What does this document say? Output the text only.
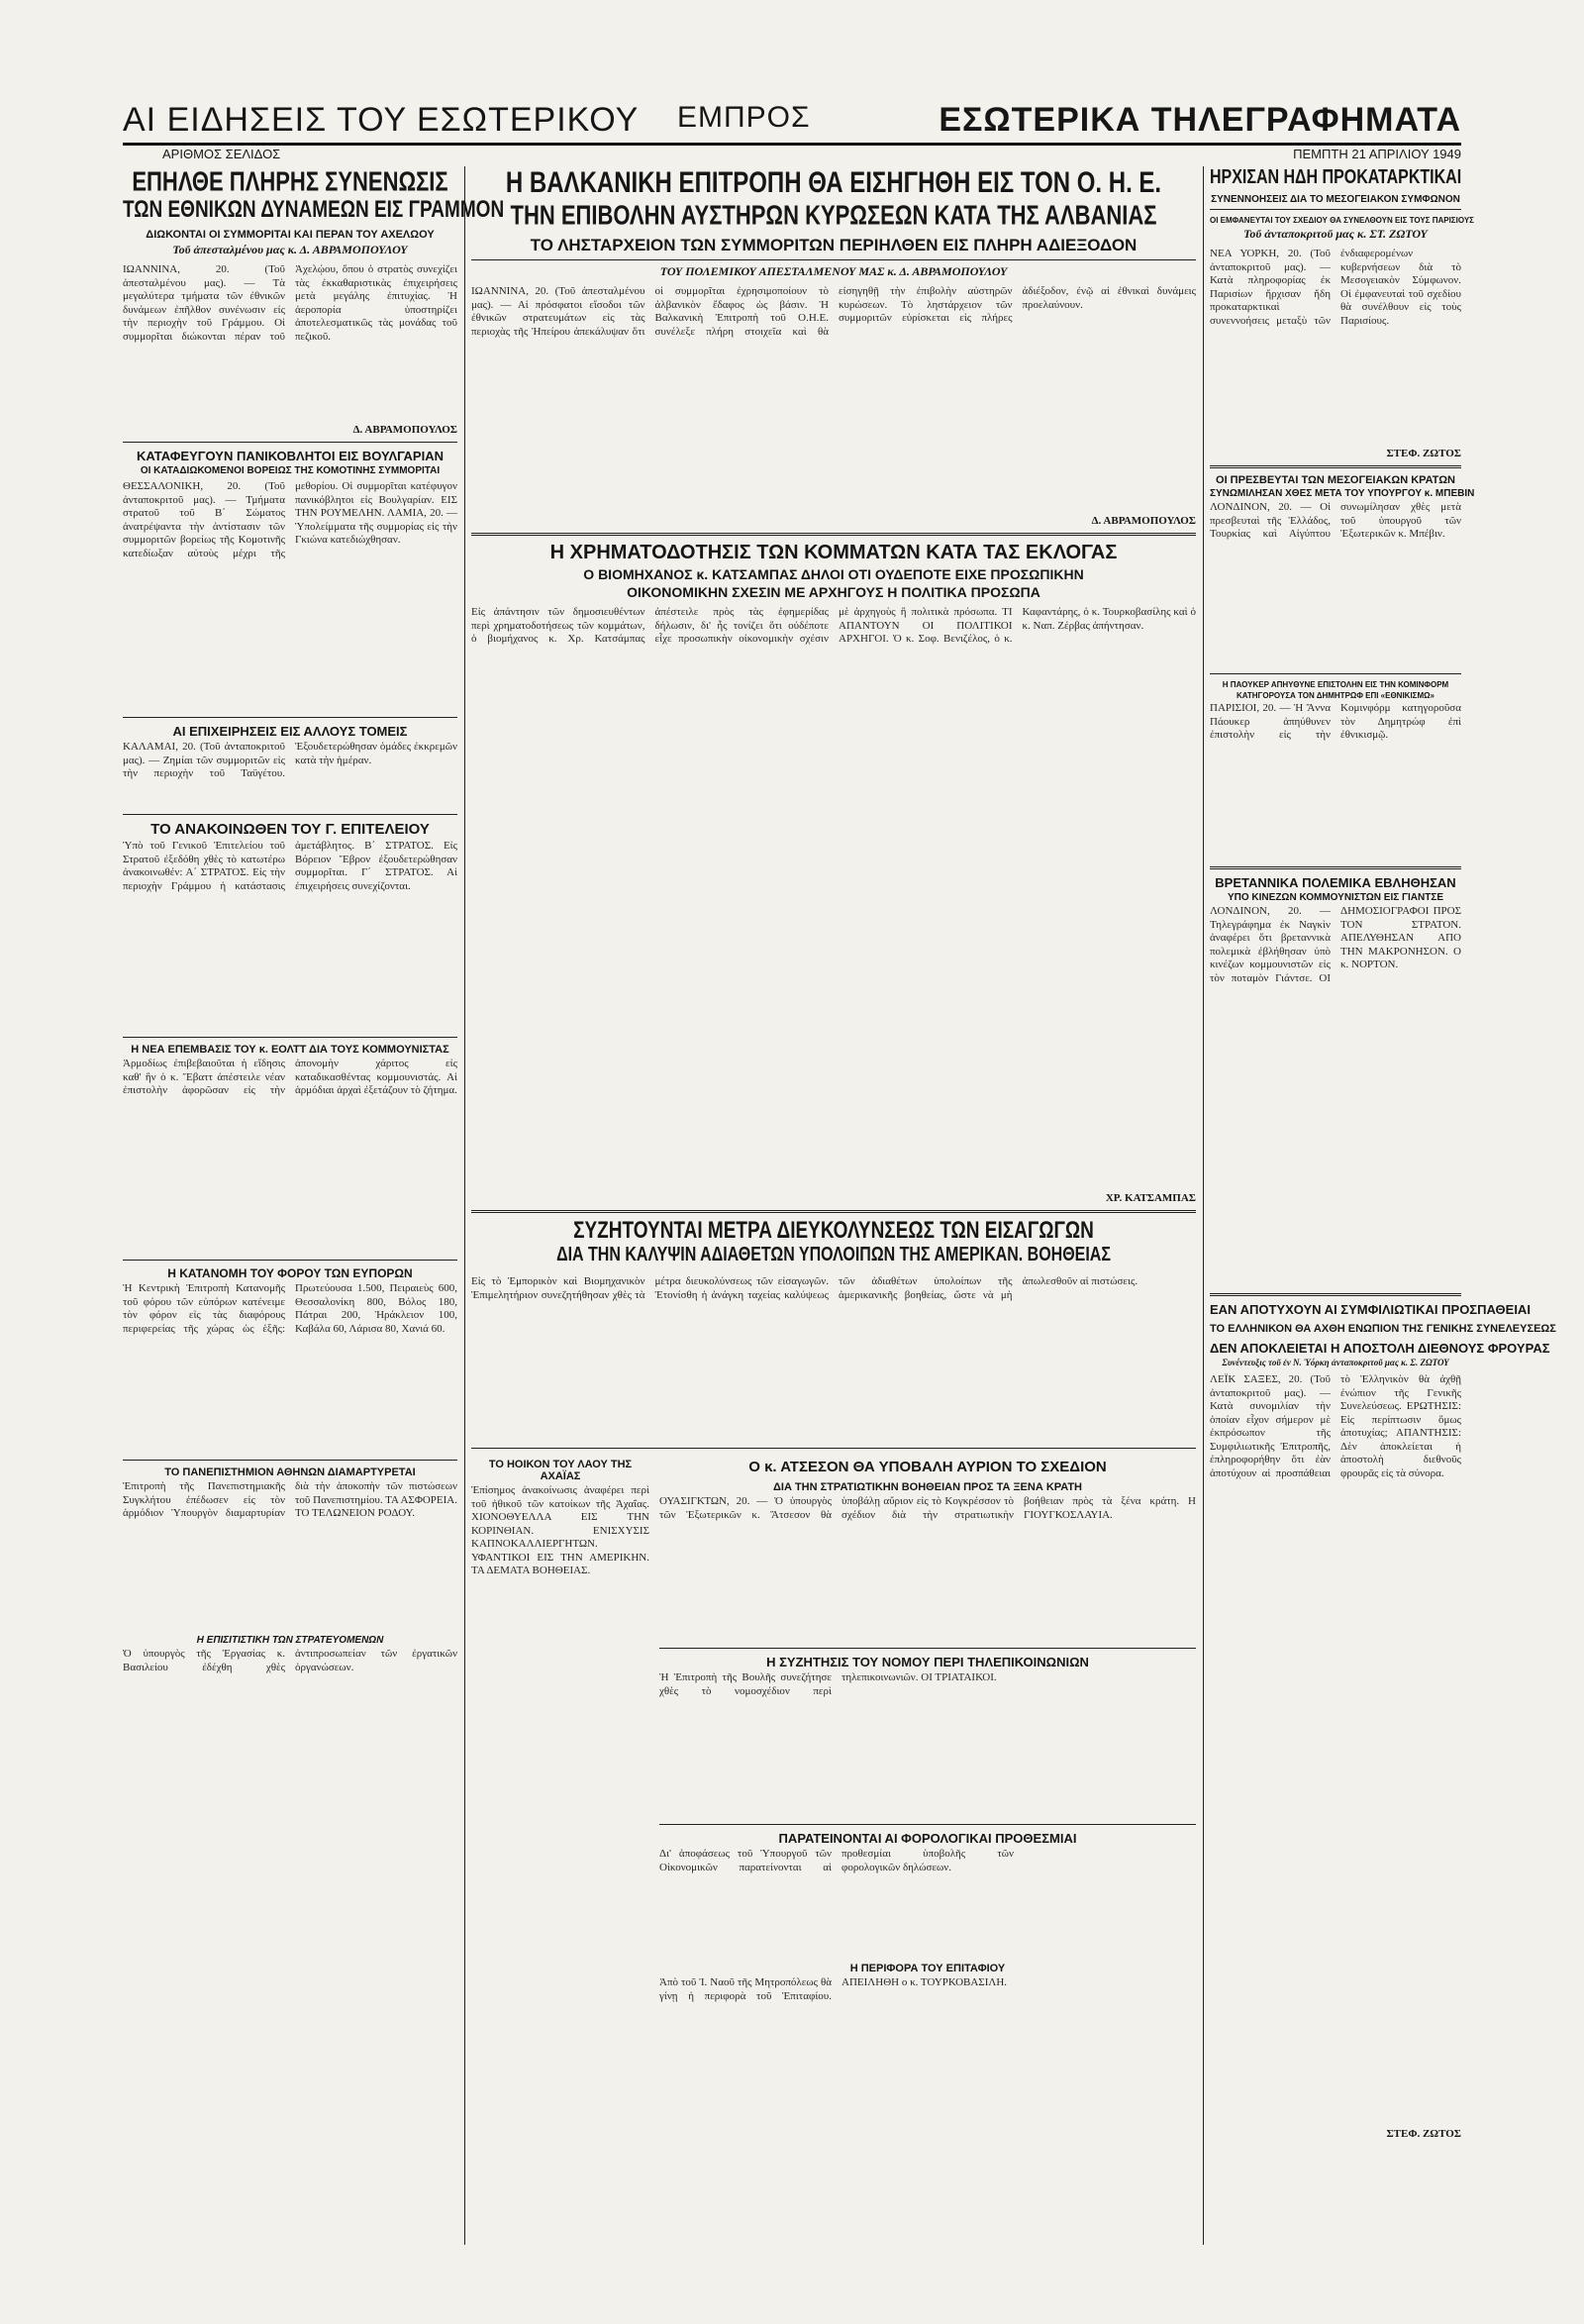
ΑΙ ΕΙΔΗΣΕΙΣ ΤΟΥ ΕΣΩΤΕΡΙΚΟΥ ΕΜΠΡΟΣ	ΕΣΩΤΕΡΙΚΑ ΤΗΛΕΓΡΑΦΗΜΑΤΑ
ΑΡΙΘΜΟΣ ΣΕΛΙΔΟΣ	ΠΕΜΠΤΗ 21 ΑΠΡΙΛΙΟΥ 1949
ΕΠΗΛΘΕ ΠΛΗΡΗΣ ΣΥΝΕΝΩΣΙΣ
ΤΩΝ ΕΘΝΙΚΩΝ ΔΥΝΑΜΕΩΝ ΕΙΣ ΓΡΑΜΜΟΝ
ΔΙΩΚΟΝΤΑΙ ΟΙ ΣΥΜΜΟΡΙΤΑΙ ΚΑΙ ΠΕΡΑΝ ΤΟΥ ΑΧΕΛΩΟΥ
Τοῦ ἀπεσταλμένου μας κ. Δ. ΑΒΡΑΜΟΠΟΥΛΟΥ

ΙΩΑΝΝΙΝΑ, 20. (Τοῦ ἀπεσταλμένου μας). — Τὰ μεγαλύτερα τμήματα τῶν ἐθνικῶν δυνάμεων ἐπῆλθον συνένωσιν εἰς τὴν περιοχὴν τοῦ Γράμμου. Οἱ συμμορῖται διώκονται πέραν τοῦ Ἀχελῴου, ὅπου ὁ στρατὸς συνεχίζει τὰς ἐκκαθαριστικὰς ἐπιχειρήσεις μετὰ μεγάλης ἐπιτυχίας. Ἡ ἀεροπορία ὑποστηρίζει ἀποτελεσματικῶς τὰς μονάδας τοῦ πεζικοῦ.

Δ. ΑΒΡΑΜΟΠΟΥΛΟΣ
ΚΑΤΑΦΕΥΓΟΥΝ ΠΑΝΙΚΟΒΛΗΤΟΙ ΕΙΣ ΒΟΥΛΓΑΡΙΑΝ
ΟΙ ΚΑΤΑΔΙΩΚΟΜΕΝΟΙ ΒΟΡΕΙΩΣ ΤΗΣ ΚΟΜΟΤΙΝΗΣ ΣΥΜΜΟΡΙΤΑΙ

ΘΕΣΣΑΛΟΝΙΚΗ, 20. (Τοῦ ἀνταποκριτοῦ μας). — Τμήματα στρατοῦ τοῦ Β΄ Σώματος ἀνατρέψαντα τὴν ἀντίστασιν τῶν συμμοριτῶν βορείως τῆς Κομοτινῆς κατεδίωξαν αὐτοὺς μέχρι τῆς μεθορίου. Οἱ συμμορῖται κατέφυγον πανικόβλητοι εἰς Βουλγαρίαν. ΕΙΣ ΤΗΝ ΡΟΥΜΕΛΗΝ. ΛΑΜΙΑ, 20. — Ὑπολείμματα τῆς συμμορίας εἰς τὴν Γκιώνα κατεδιώχθησαν.

ΑΙ ΕΠΙΧΕΙΡΗΣΕΙΣ ΕΙΣ ΑΛΛΟΥΣ ΤΟΜΕΙΣ

ΚΑΛΑΜΑΙ, 20. (Τοῦ ἀνταποκριτοῦ μας). — Ζημίαι τῶν συμμοριτῶν εἰς τὴν περιοχὴν τοῦ Ταϋγέτου. Ἐξουδετερώθησαν ὁμάδες ἐκκρεμῶν κατὰ τὴν ἡμέραν.

ΤΟ ΑΝΑΚΟΙΝΩΘΕΝ ΤΟΥ Γ. ΕΠΙΤΕΛΕΙΟΥ

Ὑπὸ τοῦ Γενικοῦ Ἐπιτελείου τοῦ Στρατοῦ ἐξεδόθη χθὲς τὸ κατωτέρω ἀνακοινωθέν: Α΄ ΣΤΡΑΤΟΣ. Εἰς τὴν περιοχὴν Γράμμου ἡ κατάστασις ἀμετάβλητος. Β΄ ΣΤΡΑΤΟΣ. Εἰς Βόρειον Ἕβρον ἐξουδετερώθησαν συμμορῖται. Γ΄ ΣΤΡΑΤΟΣ. Αἱ ἐπιχειρήσεις συνεχίζονται.

Η ΝΕΑ ΕΠΕΜΒΑΣΙΣ ΤΟΥ κ. ΕΟΛΤΤ ΔΙΑ ΤΟΥΣ ΚΟΜΜΟΥΝΙΣΤΑΣ

Ἀρμοδίως ἐπιβεβαιοῦται ἡ εἴδησις καθ' ἣν ὁ κ. Ἔβαττ ἀπέστειλε νέαν ἐπιστολὴν ἀφορῶσαν εἰς τὴν ἀπονομὴν χάριτος εἰς καταδικασθέντας κομμουνιστάς. Αἱ ἁρμόδιαι ἀρχαὶ ἐξετάζουν τὸ ζήτημα.

Η ΚΑΤΑΝΟΜΗ ΤΟΥ ΦΟΡΟΥ ΤΩΝ ΕΥΠΟΡΩΝ

Ἡ Κεντρικὴ Ἐπιτροπὴ Κατανομῆς τοῦ φόρου τῶν εὐπόρων κατένειμε τὸν φόρον εἰς τὰς διαφόρους περιφερείας τῆς χώρας ὡς ἑξῆς: Πρωτεύουσα 1.500, Πειραιεὺς 600, Θεσσαλονίκη 800, Βόλος 180, Πάτραι 200, Ἡράκλειον 100, Καβάλα 60, Λάρισα 80, Χανιά 60.

ΤΟ ΠΑΝΕΠΙΣΤΗΜΙΟΝ ΑΘΗΝΩΝ ΔΙΑΜΑΡΤΥΡΕΤΑΙ

Ἐπιτροπὴ τῆς Πανεπιστημιακῆς Συγκλήτου ἐπέδωσεν εἰς τὸν ἁρμόδιον Ὑπουργὸν διαμαρτυρίαν διὰ τὴν ἀποκοπὴν τῶν πιστώσεων τοῦ Πανεπιστημίου. ΤΑ ΑΣΦΟΡΕΙΑ. ΤΟ ΤΕΛΩΝΕΙΟΝ ΡΟΔΟΥ.

Η ΕΠΙΣΙΤΙΣΤΙΚΗ ΤΩΝ ΣΤΡΑΤΕΥΟΜΕΝΩΝ

Ὁ ὑπουργὸς τῆς Ἐργασίας κ. Βασιλείου ἐδέχθη χθὲς ἀντιπροσωπείαν τῶν ἐργατικῶν ὀργανώσεων.

Η ΒΑΛΚΑΝΙΚΗ ΕΠΙΤΡΟΠΗ ΘΑ ΕΙΣΗΓΗΘΗ ΕΙΣ ΤΟΝ Ο. Η. Ε.
ΤΗΝ ΕΠΙΒΟΛΗΝ ΑΥΣΤΗΡΩΝ ΚΥΡΩΣΕΩΝ ΚΑΤΑ ΤΗΣ ΑΛΒΑΝΙΑΣ
ΤΟ ΛΗΣΤΑΡΧΕΙΟΝ ΤΩΝ ΣΥΜΜΟΡΙΤΩΝ ΠΕΡΙΗΛΘΕΝ ΕΙΣ ΠΛΗΡΗ ΑΔΙΕΞΟΔΟΝ
ΤΟΥ ΠΟΛΕΜΙΚΟΥ ΑΠΕΣΤΑΛΜΕΝΟΥ ΜΑΣ κ. Δ. ΑΒΡΑΜΟΠΟΥΛΟΥ

ΙΩΑΝΝΙΝΑ, 20. (Τοῦ ἀπεσταλμένου μας). — Αἱ πρόσφατοι εἴσοδοι τῶν ἐθνικῶν στρατευμάτων εἰς τὰς περιοχὰς τῆς Ἠπείρου ἀπεκάλυψαν ὅτι οἱ συμμορῖται ἐχρησιμοποίουν τὸ ἀλβανικὸν ἔδαφος ὡς βάσιν. Ἡ Βαλκανικὴ Ἐπιτροπὴ τοῦ Ο.Η.Ε. συνέλεξε πλήρη στοιχεῖα καὶ θὰ εἰσηγηθῇ τὴν ἐπιβολὴν αὐστηρῶν κυρώσεων. Τὸ ληστάρχειον τῶν συμμοριτῶν εὑρίσκεται εἰς πλήρες ἀδιέξοδον, ἐνῷ αἱ ἐθνικαὶ δυνάμεις προελαύνουν.

Δ. ΑΒΡΑΜΟΠΟΥΛΟΣ
Η ΧΡΗΜΑΤΟΔΟΤΗΣΙΣ ΤΩΝ ΚΟΜΜΑΤΩΝ ΚΑΤΑ ΤΑΣ ΕΚΛΟΓΑΣ
Ο ΒΙΟΜΗΧΑΝΟΣ κ. ΚΑΤΣΑΜΠΑΣ ΔΗΛΟΙ ΟΤΙ ΟΥΔΕΠΟΤΕ ΕΙΧΕ ΠΡΟΣΩΠΙΚΗΝ
ΟΙΚΟΝΟΜΙΚΗΝ ΣΧΕΣΙΝ ΜΕ ΑΡΧΗΓΟΥΣ Η ΠΟΛΙΤΙΚΑ ΠΡΟΣΩΠΑ

Εἰς ἀπάντησιν τῶν δημοσιευθέντων περὶ χρηματοδοτήσεως τῶν κομμάτων, ὁ βιομήχανος κ. Χρ. Κατσάμπας ἀπέστειλε πρὸς τὰς ἐφημερίδας δήλωσιν, δι' ἧς τονίζει ὅτι οὐδέποτε εἶχε προσωπικὴν οἰκονομικὴν σχέσιν μὲ ἀρχηγοὺς ἢ πολιτικὰ πρόσωπα. ΤΙ ΑΠΑΝΤΟΥΝ ΟΙ ΠΟΛΙΤΙΚΟΙ ΑΡΧΗΓΟΙ. Ὁ κ. Σοφ. Βενιζέλος, ὁ κ. Καφαντάρης, ὁ κ. Τουρκοβασίλης καὶ ὁ κ. Ναπ. Ζέρβας ἀπήντησαν.

ΧΡ. ΚΑΤΣΑΜΠΑΣ
ΣΥΖΗΤΟΥΝΤΑΙ ΜΕΤΡΑ ΔΙΕΥΚΟΛΥΝΣΕΩΣ ΤΩΝ ΕΙΣΑΓΩΓΩΝ
ΔΙΑ ΤΗΝ ΚΑΛΥΨΙΝ ΑΔΙΑΘΕΤΩΝ ΥΠΟΛΟΙΠΩΝ ΤΗΣ ΑΜΕΡΙΚΑΝ. ΒΟΗΘΕΙΑΣ

Εἰς τὸ Ἐμπορικὸν καὶ Βιομηχανικὸν Ἐπιμελητήριον συνεζητήθησαν χθὲς τὰ μέτρα διευκολύνσεως τῶν εἰσαγωγῶν. Ἐτονίσθη ἡ ἀνάγκη ταχείας καλύψεως τῶν ἀδιαθέτων ὑπολοίπων τῆς ἀμερικανικῆς βοηθείας, ὥστε νὰ μὴ ἀπωλεσθοῦν αἱ πιστώσεις.

ΤΟ ΗΟΙΚΟΝ ΤΟΥ ΛΑΟΥ ΤΗΣ ΑΧΑΪΑΣ

Ἐπίσημος ἀνακοίνωσις ἀναφέρει περὶ τοῦ ἠθικοῦ τῶν κατοίκων τῆς Ἀχαΐας. ΧΙΟΝΟΘΥΕΛΛΑ ΕΙΣ ΤΗΝ ΚΟΡΙΝΘΙΑΝ. ΕΝΙΣΧΥΣΙΣ ΚΑΠΝΟΚΑΛΛΙΕΡΓΗΤΩΝ. ΥΦΑΝΤΙΚΟΙ ΕΙΣ ΤΗΝ ΑΜΕΡΙΚΗΝ. ΤΑ ΔΕΜΑΤΑ ΒΟΗΘΕΙΑΣ.

Ο κ. ΑΤΣΕΣΟΝ ΘΑ ΥΠΟΒΑΛΗ ΑΥΡΙΟΝ ΤΟ ΣΧΕΔΙΟΝ
ΔΙΑ ΤΗΝ ΣΤΡΑΤΙΩΤΙΚΗΝ ΒΟΗΘΕΙΑΝ ΠΡΟΣ ΤΑ ΞΕΝΑ ΚΡΑΤΗ

ΟΥΑΣΙΓΚΤΩΝ, 20. — Ὁ ὑπουργὸς τῶν Ἐξωτερικῶν κ. Ἄτσεσον θὰ ὑποβάλῃ αὔριον εἰς τὸ Κογκρέσσον τὸ σχέδιον διὰ τὴν στρατιωτικὴν βοήθειαν πρὸς τὰ ξένα κράτη. Η ΓΙΟΥΓΚΟΣΛΑΥΙΑ.

Η ΣΥΖΗΤΗΣΙΣ ΤΟΥ ΝΟΜΟΥ ΠΕΡΙ ΤΗΛΕΠΙΚΟΙΝΩΝΙΩΝ

Ἡ Ἐπιτροπὴ τῆς Βουλῆς συνεζήτησε χθὲς τὸ νομοσχέδιον περὶ τηλεπικοινωνιῶν. ΟΙ ΤΡΙΑΤΑΙΚΟΙ.

ΠΑΡΑΤΕΙΝΟΝΤΑΙ ΑΙ ΦΟΡΟΛΟΓΙΚΑΙ ΠΡΟΘΕΣΜΙΑΙ

Δι' ἀποφάσεως τοῦ Ὑπουργοῦ τῶν Οἰκονομικῶν παρατείνονται αἱ προθεσμίαι ὑποβολῆς τῶν φορολογικῶν δηλώσεων.

Η ΠΕΡΙΦΟΡΑ ΤΟΥ ΕΠΙΤΑΦΙΟΥ

Ἀπὸ τοῦ Ἱ. Ναοῦ τῆς Μητροπόλεως θὰ γίνῃ ἡ περιφορὰ τοῦ Ἐπιταφίου. ΑΠΕΙΛΗΘΗ ο κ. ΤΟΥΡΚΟΒΑΣΙΛΗ.

ΗΡΧΙΣΑΝ ΗΔΗ ΠΡΟΚΑΤΑΡΚΤΙΚΑΙ
ΣΥΝΕΝΝΟΗΣΕΙΣ ΔΙΑ ΤΟ ΜΕΣΟΓΕΙΑΚΟΝ ΣΥΜΦΩΝΟΝ
ΟΙ ΕΜΦΑΝΕΥΤΑΙ ΤΟΥ ΣΧΕΔΙΟΥ ΘΑ ΣΥΝΕΛΘΟΥΝ ΕΙΣ ΤΟΥΣ ΠΑΡΙΣΙΟΥΣ
Τοῦ ἀνταποκριτοῦ μας κ. ΣΤ. ΖΩΤΟΥ

ΝΕΑ ΥΟΡΚΗ, 20. (Τοῦ ἀνταποκριτοῦ μας). — Κατὰ πληροφορίας ἐκ Παρισίων ἤρχισαν ἤδη προκαταρκτικαὶ συνεννοήσεις μεταξὺ τῶν ἐνδιαφερομένων κυβερνήσεων διὰ τὸ Μεσογειακὸν Σύμφωνον. Οἱ ἐμφανευταὶ τοῦ σχεδίου θὰ συνέλθουν εἰς τοὺς Παρισίους.

ΣΤΕΦ. ΖΩΤΟΣ
ΟΙ ΠΡΕΣΒΕΥΤΑΙ ΤΩΝ ΜΕΣΟΓΕΙΑΚΩΝ ΚΡΑΤΩΝ
ΣΥΝΩΜΙΛΗΣΑΝ ΧΘΕΣ ΜΕΤΑ ΤΟΥ ΥΠΟΥΡΓΟΥ κ. ΜΠΕΒΙΝ

ΛΟΝΔΙΝΟΝ, 20. — Οἱ πρεσβευταὶ τῆς Ἑλλάδος, Τουρκίας καὶ Αἰγύπτου συνωμίλησαν χθὲς μετὰ τοῦ ὑπουργοῦ τῶν Ἐξωτερικῶν κ. Μπέβιν.

Η ΠΑΟΥΚΕΡ ΑΠΗΥΘΥΝΕ ΕΠΙΣΤΟΛΗΝ ΕΙΣ ΤΗΝ ΚΟΜΙΝΦΟΡΜ
ΚΑΤΗΓΟΡΟΥΣΑ ΤΟΝ ΔΗΜΗΤΡΩΦ ΕΠΙ «ΕΘΝΙΚΙΣΜΩ»

ΠΑΡΙΣΙΟΙ, 20. — Ἡ Ἄννα Πάουκερ ἀπηύθυνεν ἐπιστολὴν εἰς τὴν Κομινφόρμ κατηγοροῦσα τὸν Δημητρώφ ἐπὶ ἐθνικισμῷ.

ΒΡΕΤΑΝΝΙΚΑ ΠΟΛΕΜΙΚΑ ΕΒΛΗΘΗΣΑΝ
ΥΠΟ ΚΙΝΕΖΩΝ ΚΟΜΜΟΥΝΙΣΤΩΝ ΕΙΣ ΓΙΑΝΤΣΕ

ΛΟΝΔΙΝΟΝ, 20. — Τηλεγράφημα ἐκ Ναγκὶν ἀναφέρει ὅτι βρεταννικὰ πολεμικὰ ἐβλήθησαν ὑπὸ κινέζων κομμουνιστῶν εἰς τὸν ποταμὸν Γιάντσε. ΟΙ ΔΗΜΟΣΙΟΓΡΑΦΟΙ ΠΡΟΣ ΤΟΝ ΣΤΡΑΤΟΝ. ΑΠΕΛΥΘΗΣΑΝ ΑΠΟ ΤΗΝ ΜΑΚΡΟΝΗΣΟΝ. Ο κ. ΝΟΡΤΟΝ.

ΕΑΝ ΑΠΟΤΥΧΟΥΝ ΑΙ ΣΥΜΦΙΛΙΩΤΙΚΑΙ ΠΡΟΣΠΑΘΕΙΑΙ
ΤΟ ΕΛΛΗΝΙΚΟΝ ΘΑ ΑΧΘΗ ΕΝΩΠΙΟΝ ΤΗΣ ΓΕΝΙΚΗΣ ΣΥΝΕΛΕΥΣΕΩΣ
ΔΕΝ ΑΠΟΚΛΕΙΕΤΑΙ Η ΑΠΟΣΤΟΛΗ ΔΙΕΘΝΟΥΣ ΦΡΟΥΡΑΣ
Συνέντευξις τοῦ ἐν Ν. Ὑόρκη ἀνταποκριτοῦ μας κ. Σ. ΖΩΤΟΥ

ΛΕΪΚ ΣΑΞΕΣ, 20. (Τοῦ ἀνταποκριτοῦ μας). — Κατὰ συνομιλίαν τὴν ὁποίαν εἶχον σήμερον μὲ ἐκπρόσωπον τῆς Συμφιλιωτικῆς Ἐπιτροπῆς, ἐπληροφορήθην ὅτι ἐὰν ἀποτύχουν αἱ προσπάθειαι τὸ Ἑλληνικὸν θὰ ἀχθῇ ἐνώπιον τῆς Γενικῆς Συνελεύσεως. ΕΡΩΤΗΣΙΣ: Εἰς περίπτωσιν ὅμως ἀποτυχίας; ΑΠΑΝΤΗΣΙΣ: Δὲν ἀποκλείεται ἡ ἀποστολὴ διεθνοῦς φρουρᾶς εἰς τὰ σύνορα.

ΣΤΕΦ. ΖΩΤΟΣ
